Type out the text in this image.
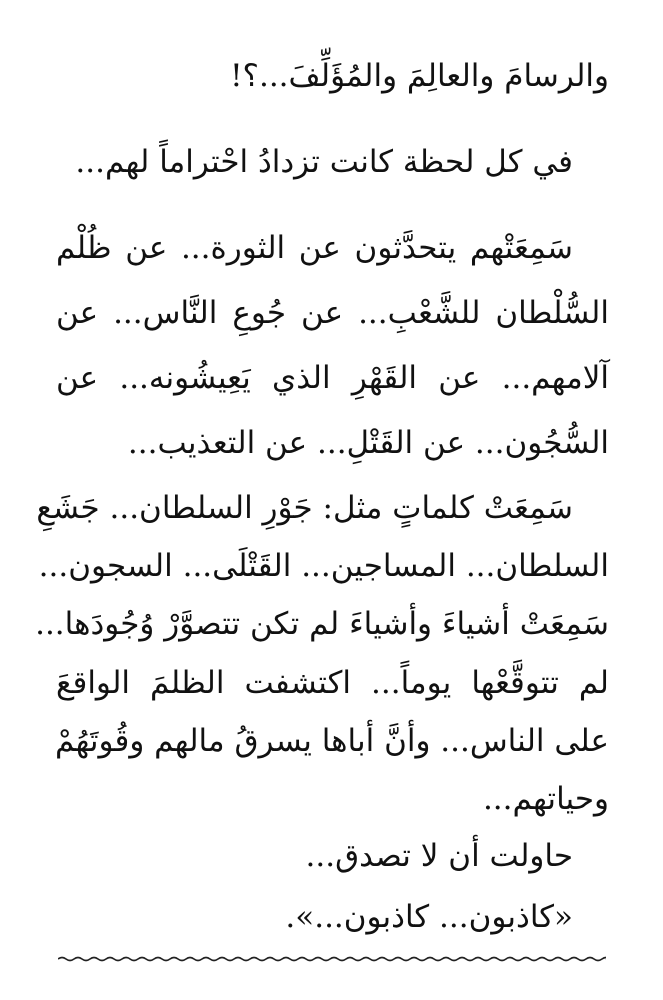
والرسامَ والعالِمَ والمُؤَلِّفَ...؟!
في كل لحظة كانت تزدادُ احْتراماً لهم...
سَمِعَتْهم يتحدَّثون عن الثورة... عن ظُلْم
السُّلْطان للشَّعْبِ... عن جُوعِ النَّاس... عن
آلامهم... عن القَهْرِ الذي يَعِيشُونه... عن
السُّجُون... عن القَتْلِ... عن التعذيب...
سَمِعَتْ كلماتٍ مثل: جَوْرِ السلطان... جَشَعِ
السلطان... المساجين... القَتْلَى... السجون...
سَمِعَتْ أشياءَ وأشياءَ لم تكن تتصوَّرْ وُجُودَها...
لم تتوقَّعْها يوماً... اكتشفت الظلمَ الواقعَ
على الناس... وأنَّ أباها يسرقُ مالهم وقُوتَهُمْ
وحياتهم...
حاولت أن لا تصدق...
«كاذبون... كاذبون...».
